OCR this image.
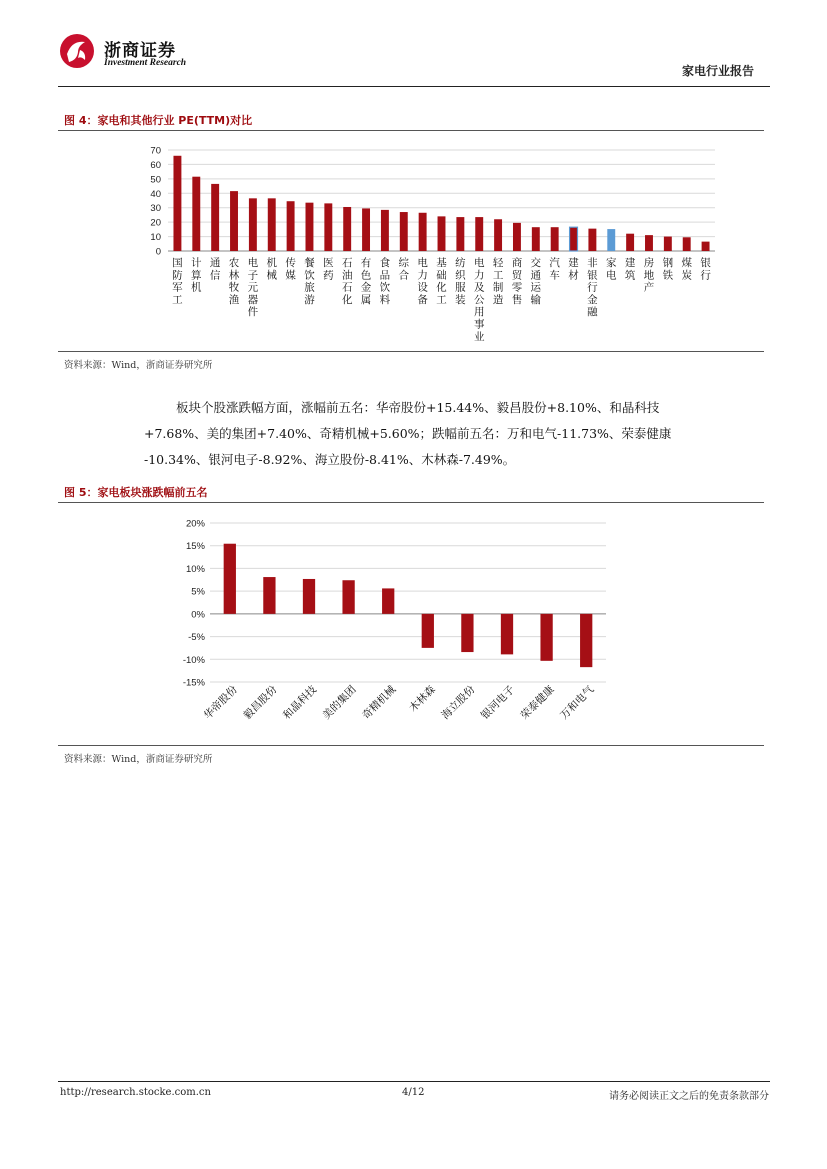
浙商证券
Investment Research
家电行业报告
图 4：家电和其他行业 PE(TTM)对比
0
10
20
30
40
50
60
70
国防军工
计算机
通信
农林牧渔
电子元器件
机械
传媒
餐饮旅游
医药
石油石化
有色金属
食品饮料
综合
电力设备
基础化工
纺织服装
电力及公用事业
轻工制造
商贸零售
交通运输
汽车
建材
非银行金融
家电
建筑
房地产
钢铁
煤炭
银行
资料来源：Wind，浙商证券研究所
板块个股涨跌幅方面，涨幅前五名：华帝股份+15.44%、毅昌股份+8.10%、和晶科技
+7.68%、美的集团+7.40%、奇精机械+5.60%；跌幅前五名：万和电气-11.73%、荣泰健康
-10.34%、银河电子-8.92%、海立股份-8.41%、木林森-7.49%。
图 5：家电板块涨跌幅前五名
-15%
-10%
-5%
0%
5%
10%
15%
20%
华帝股份 毅昌股份 和晶科技 美的集团 奇精机械 木林森 海立股份 银河电子 荣泰健康 万和电气
资料来源：Wind，浙商证券研究所
http://research.stocke.com.cn	4/12	请务必阅读正文之后的免责条款部分
